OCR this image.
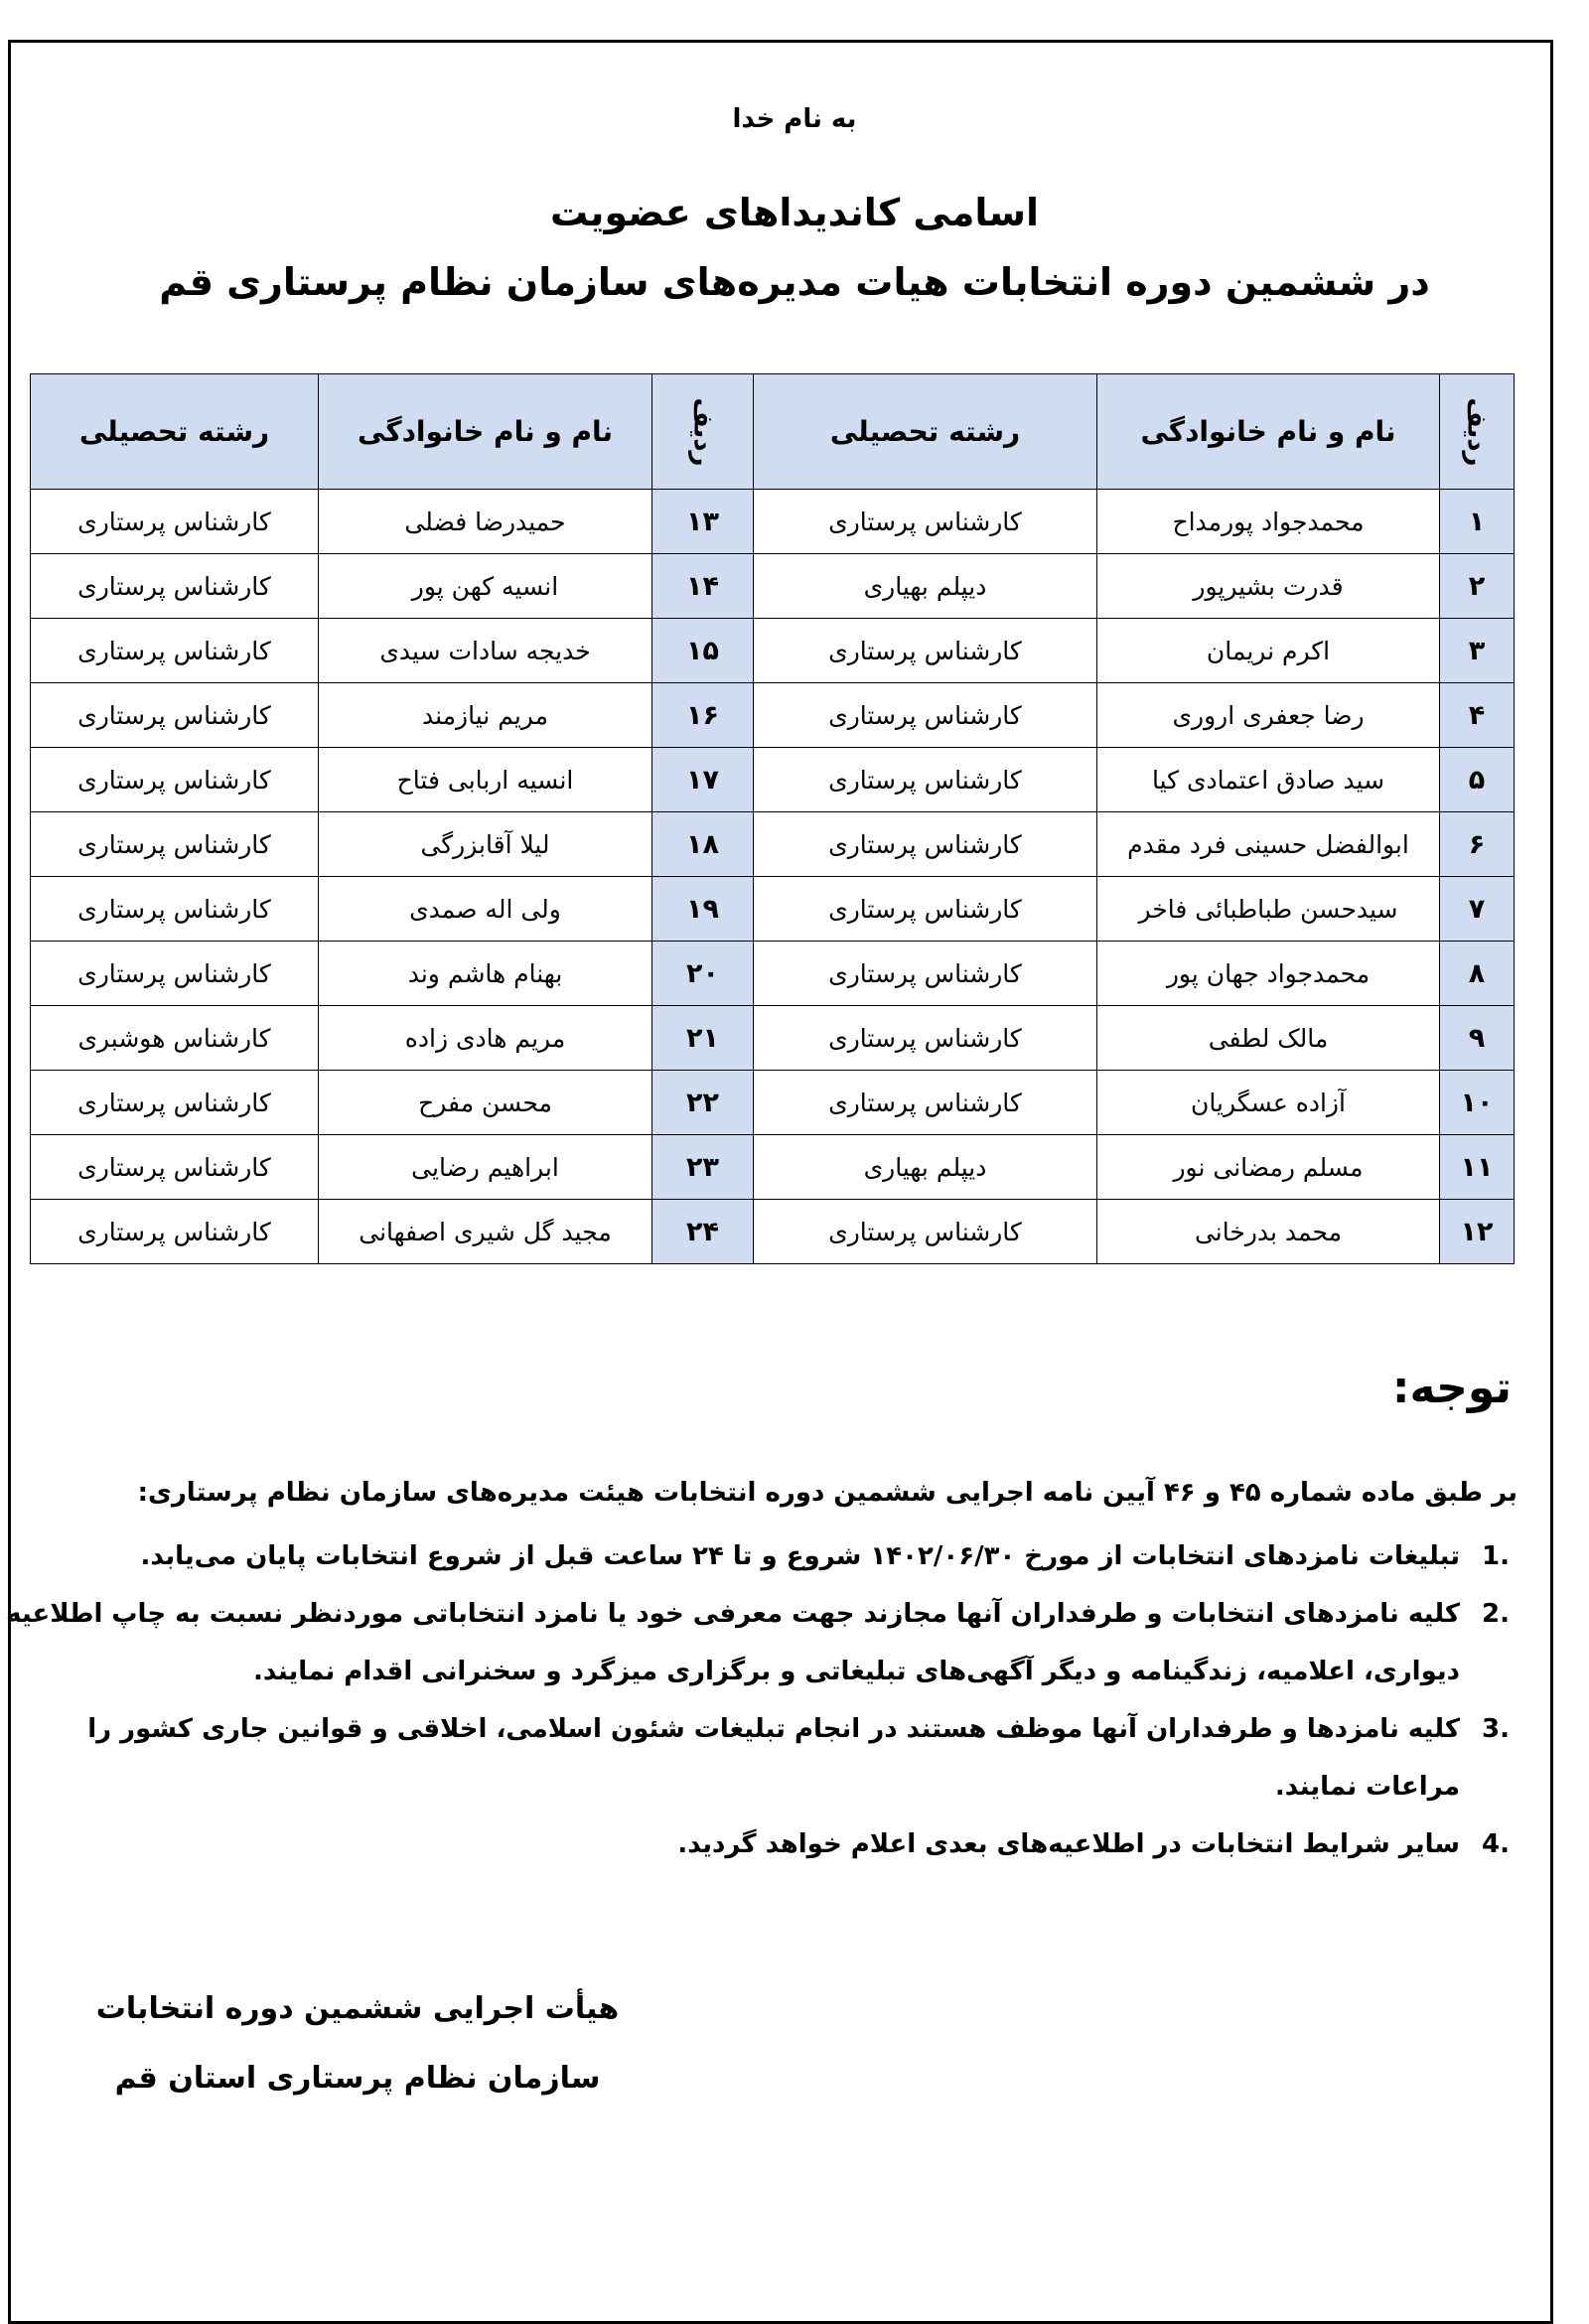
به نام خدا
اسامی کاندیداهای عضویت
در ششمین دوره انتخابات هیات مدیره‌های سازمان نظام پرستاری قم
ردیف	نام و نام خانوادگی	رشته تحصیلی	ردیف	نام و نام خانوادگی	رشته تحصیلی
۱	محمدجواد پورمداح	کارشناس پرستاری	۱۳	حمیدرضا فضلی	کارشناس پرستاری
۲	قدرت بشیرپور	دیپلم بهیاری	۱۴	انسیه کهن پور	کارشناس پرستاری
۳	اکرم نریمان	کارشناس پرستاری	۱۵	خدیجه سادات سیدی	کارشناس پرستاری
۴	رضا جعفری اروری	کارشناس پرستاری	۱۶	مریم نیازمند	کارشناس پرستاری
۵	سید صادق اعتمادی کیا	کارشناس پرستاری	۱۷	انسیه اربابی فتاح	کارشناس پرستاری
۶	ابوالفضل حسینی فرد مقدم	کارشناس پرستاری	۱۸	لیلا آقابزرگی	کارشناس پرستاری
۷	سیدحسن طباطبائی فاخر	کارشناس پرستاری	۱۹	ولی اله صمدی	کارشناس پرستاری
۸	محمدجواد جهان پور	کارشناس پرستاری	۲۰	بهنام هاشم وند	کارشناس پرستاری
۹	مالک لطفی	کارشناس پرستاری	۲۱	مریم هادی زاده	کارشناس هوشبری
۱۰	آزاده عسگریان	کارشناس پرستاری	۲۲	محسن مفرح	کارشناس پرستاری
۱۱	مسلم رمضانی نور	دیپلم بهیاری	۲۳	ابراهیم رضایی	کارشناس پرستاری
۱۲	محمد بدرخانی	کارشناس پرستاری	۲۴	مجید گل شیری اصفهانی	کارشناس پرستاری
توجه:
بر طبق ماده شماره ۴۵ و ۴۶ آیین نامه اجرایی ششمین دوره انتخابات هیئت مدیره‌های سازمان نظام پرستاری:
.1
تبلیغات نامزدهای انتخابات از مورخ ۱۴۰۲/۰۶/۳۰ شروع و تا ۲۴ ساعت قبل از شروع انتخابات پایان می‌یابد.
.2
کلیه نامزدهای انتخابات و طرفداران آنها مجازند جهت معرفی خود یا نامزد انتخاباتی موردنظر نسبت به چاپ اطلاعیه دیواری، اعلامیه، زندگینامه و دیگر آگهی‌های تبلیغاتی و برگزاری میزگرد و سخنرانی اقدام نمایند.
.3
کلیه نامزدها و طرفداران آنها موظف هستند در انجام تبلیغات شئون اسلامی، اخلاقی و قوانین جاری کشور را مراعات نمایند.
.4
سایر شرایط انتخابات در اطلاعیه‌های بعدی اعلام خواهد گردید.
هیأت اجرایی ششمین دوره انتخابات
سازمان نظام پرستاری استان قم
